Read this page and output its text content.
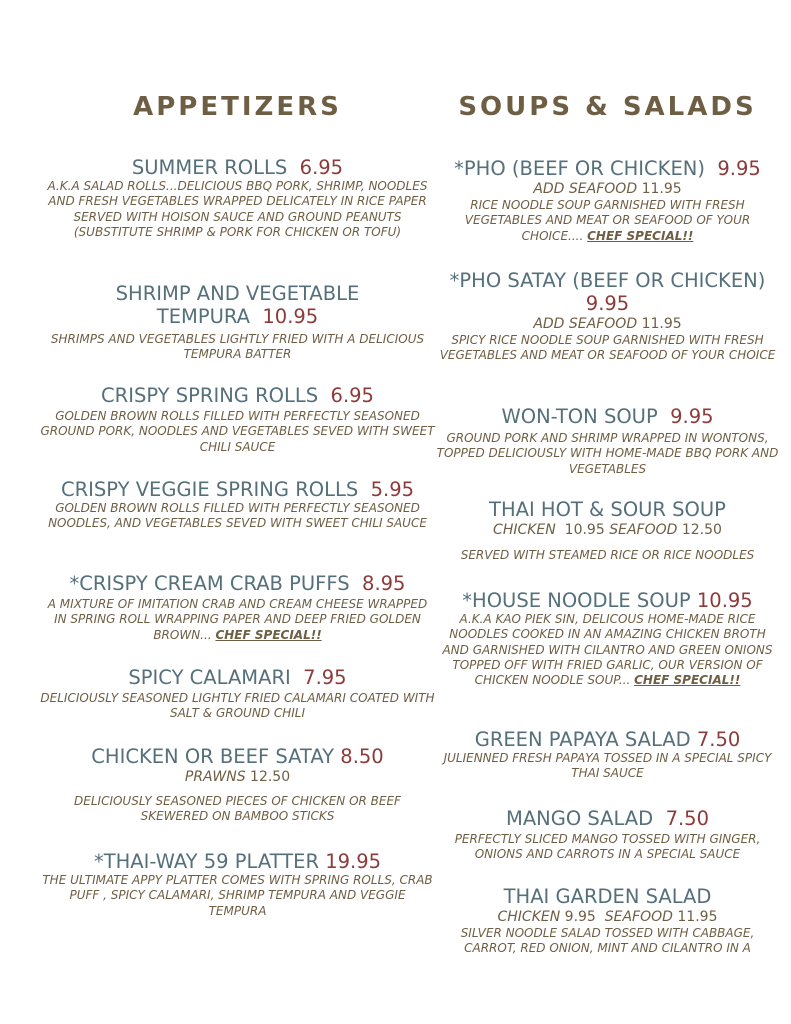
APPETIZERS
SUMMER ROLLS 6.95
A.K.A SALAD ROLLS...DELICIOUS BBQ PORK, SHRIMP, NOODLES AND FRESH VEGETABLES WRAPPED DELICATELY IN RICE PAPER SERVED WITH HOISON SAUCE AND GROUND PEANUTS (SUBSTITUTE SHRIMP & PORK FOR CHICKEN OR TOFU)
SHRIMP AND VEGETABLE
TEMPURA 10.95
SHRIMPS AND VEGETABLES LIGHTLY FRIED WITH A DELICIOUS TEMPURA BATTER
CRISPY SPRING ROLLS 6.95
GOLDEN BROWN ROLLS FILLED WITH PERFECTLY SEASONED GROUND PORK, NOODLES AND VEGETABLES SEVED WITH SWEET CHILI SAUCE
CRISPY VEGGIE SPRING ROLLS 5.95
GOLDEN BROWN ROLLS FILLED WITH PERFECTLY SEASONED NOODLES, AND VEGETABLES SEVED WITH SWEET CHILI SAUCE
*CRISPY CREAM CRAB PUFFS 8.95
A MIXTURE OF IMITATION CRAB AND CREAM CHEESE WRAPPED IN SPRING ROLL WRAPPING PAPER AND DEEP FRIED GOLDEN BROWN... CHEF SPECIAL!!
SPICY CALAMARI 7.95
DELICIOUSLY SEASONED LIGHTLY FRIED CALAMARI COATED WITH SALT & GROUND CHILI
CHICKEN OR BEEF SATAY 8.50
PRAWNS 12.50
DELICIOUSLY SEASONED PIECES OF CHICKEN OR BEEF SKEWERED ON BAMBOO STICKS
*THAI-WAY 59 PLATTER 19.95
THE ULTIMATE APPY PLATTER COMES WITH SPRING ROLLS, CRAB PUFF , SPICY CALAMARI, SHRIMP TEMPURA AND VEGGIE TEMPURA
SOUPS & SALADS
*PHO (BEEF OR CHICKEN) 9.95
ADD SEAFOOD 11.95
RICE NOODLE SOUP GARNISHED WITH FRESH VEGETABLES AND MEAT OR SEAFOOD OF YOUR CHOICE.... CHEF SPECIAL!!
*PHO SATAY (BEEF OR CHICKEN)
9.95
ADD SEAFOOD 11.95
SPICY RICE NOODLE SOUP GARNISHED WITH FRESH VEGETABLES AND MEAT OR SEAFOOD OF YOUR CHOICE
WON-TON SOUP 9.95
GROUND PORK AND SHRIMP WRAPPED IN WONTONS, TOPPED DELICIOUSLY WITH HOME-MADE BBQ PORK AND VEGETABLES
THAI HOT & SOUR SOUP
CHICKEN 10.95 SEAFOOD 12.50
SERVED WITH STEAMED RICE OR RICE NOODLES
*HOUSE NOODLE SOUP 10.95
A.K.A KAO PIEK SIN, DELICOUS HOME-MADE RICE NOODLES COOKED IN AN AMAZING CHICKEN BROTH AND GARNISHED WITH CILANTRO AND GREEN ONIONS TOPPED OFF WITH FRIED GARLIC, OUR VERSION OF CHICKEN NOODLE SOUP... CHEF SPECIAL!!
GREEN PAPAYA SALAD 7.50
JULIENNED FRESH PAPAYA TOSSED IN A SPECIAL SPICY THAI SAUCE
MANGO SALAD 7.50
PERFECTLY SLICED MANGO TOSSED WITH GINGER, ONIONS AND CARROTS IN A SPECIAL SAUCE
THAI GARDEN SALAD
CHICKEN 9.95 SEAFOOD 11.95
SILVER NOODLE SALAD TOSSED WITH CABBAGE, CARROT, RED ONION, MINT AND CILANTRO IN A
